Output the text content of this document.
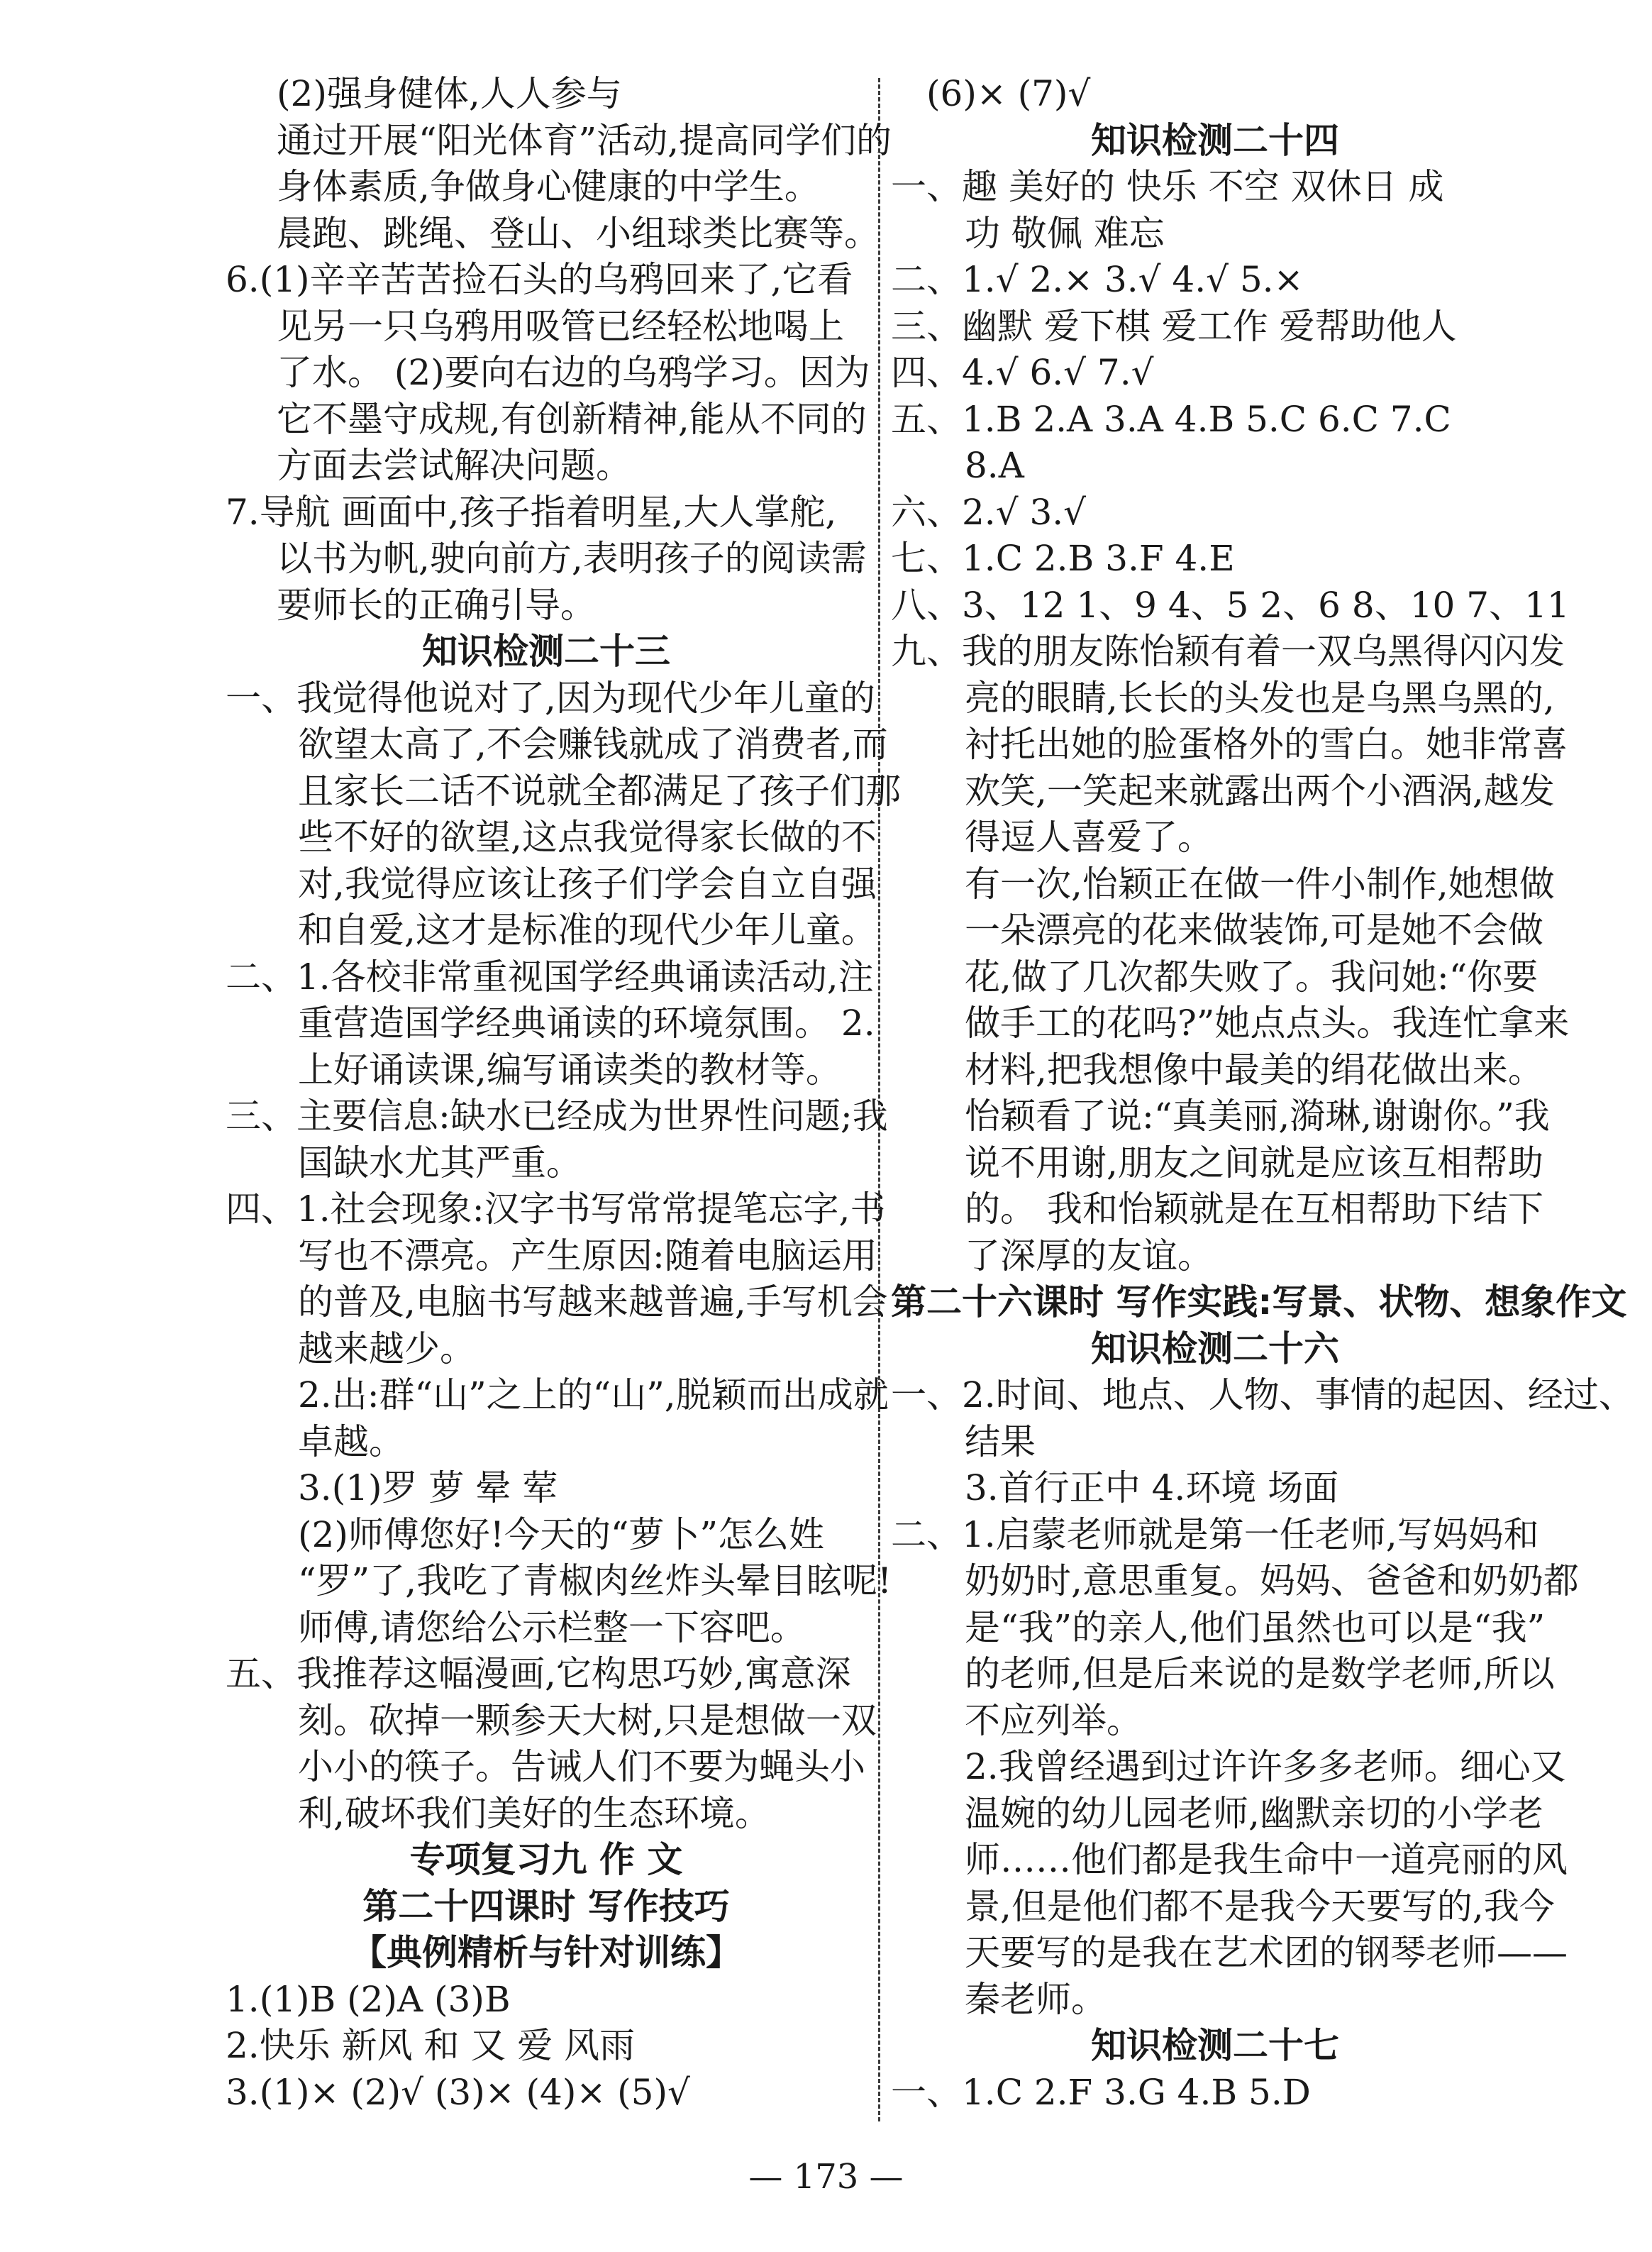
(2)强身健体,人人参与
通过开展“阳光体育”活动,提高同学们的
身体素质,争做身心健康的中学生。
晨跑、跳绳、登山、小组球类比赛等。
6.(1)辛辛苦苦捡石头的乌鸦回来了,它看
见另一只乌鸦用吸管已经轻松地喝上
了水。 (2)要向右边的乌鸦学习。因为
它不墨守成规,有创新精神,能从不同的
方面去尝试解决问题。
7.导航 画面中,孩子指着明星,大人掌舵,
以书为帆,驶向前方,表明孩子的阅读需
要师长的正确引导。
知识检测二十三
一、我觉得他说对了,因为现代少年儿童的
欲望太高了,不会赚钱就成了消费者,而
且家长二话不说就全都满足了孩子们那
些不好的欲望,这点我觉得家长做的不
对,我觉得应该让孩子们学会自立自强
和自爱,这才是标准的现代少年儿童。
二、1.各校非常重视国学经典诵读活动,注
重营造国学经典诵读的环境氛围。 2.
上好诵读课,编写诵读类的教材等。
三、主要信息:缺水已经成为世界性问题;我
国缺水尤其严重。
四、1.社会现象:汉字书写常常提笔忘字,书
写也不漂亮。产生原因:随着电脑运用
的普及,电脑书写越来越普遍,手写机会
越来越少。
2.出:群“山”之上的“山”,脱颖而出成就
卓越。
3.(1)罗 萝 晕 荤
(2)师傅您好!今天的“萝卜”怎么姓
“罗”了,我吃了青椒肉丝炸头晕目眩呢!
师傅,请您给公示栏整一下容吧。
五、我推荐这幅漫画,它构思巧妙,寓意深
刻。砍掉一颗参天大树,只是想做一双
小小的筷子。告诫人们不要为蝇头小
利,破坏我们美好的生态环境。
专项复习九 作 文
第二十四课时 写作技巧
【典例精析与针对训练】
1.(1)B (2)A (3)B
2.快乐 新风 和 又 爱 风雨
3.(1)× (2)√ (3)× (4)× (5)√
(6)× (7)√
知识检测二十四
一、趣 美好的 快乐 不空 双休日 成
功 敬佩 难忘
二、1.√ 2.× 3.√ 4.√ 5.×
三、幽默 爱下棋 爱工作 爱帮助他人
四、4.√ 6.√ 7.√
五、1.B 2.A 3.A 4.B 5.C 6.C 7.C
8.A
六、2.√ 3.√
七、1.C 2.B 3.F 4.E
八、3、12 1、9 4、5 2、6 8、10 7、11
九、我的朋友陈怡颖有着一双乌黑得闪闪发
亮的眼睛,长长的头发也是乌黑乌黑的,
衬托出她的脸蛋格外的雪白。她非常喜
欢笑,一笑起来就露出两个小酒涡,越发
得逗人喜爱了。
有一次,怡颖正在做一件小制作,她想做
一朵漂亮的花来做装饰,可是她不会做
花,做了几次都失败了。我问她:“你要
做手工的花吗?”她点点头。我连忙拿来
材料,把我想像中最美的绢花做出来。
怡颖看了说:“真美丽,漪琳,谢谢你。”我
说不用谢,朋友之间就是应该互相帮助
的。 我和怡颖就是在互相帮助下结下
了深厚的友谊。
第二十六课时 写作实践:写景、状物、想象作文
知识检测二十六
一、2.时间、地点、人物、事情的起因、经过、
结果
3.首行正中 4.环境 场面
二、1.启蒙老师就是第一任老师,写妈妈和
奶奶时,意思重复。妈妈、爸爸和奶奶都
是“我”的亲人,他们虽然也可以是“我”
的老师,但是后来说的是数学老师,所以
不应列举。
2.我曾经遇到过许许多多老师。细心又
温婉的幼儿园老师,幽默亲切的小学老
师……他们都是我生命中一道亮丽的风
景,但是他们都不是我今天要写的,我今
天要写的是我在艺术团的钢琴老师——
秦老师。
知识检测二十七
一、1.C 2.F 3.G 4.B 5.D
— 173 —
